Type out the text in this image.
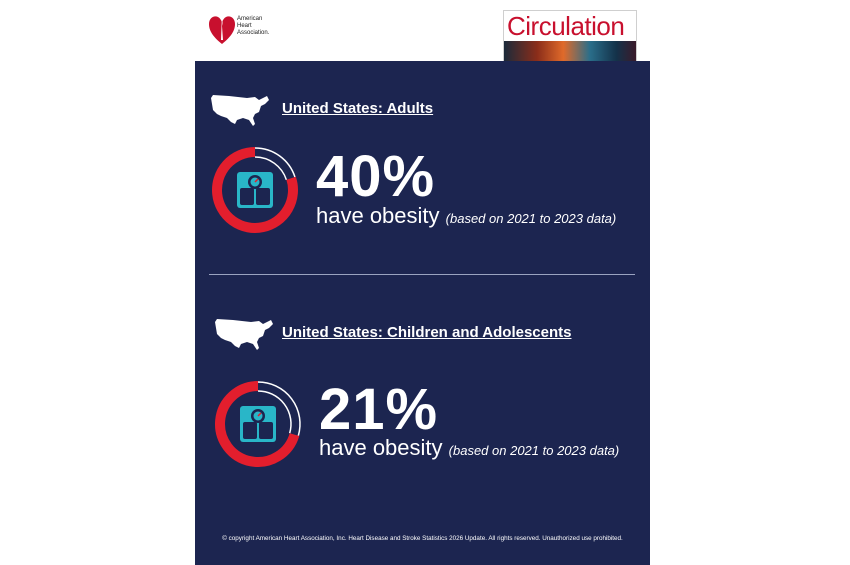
American
Heart
Association.	Circulation
United States: Adults
40%
have obesity (based on 2021 to 2023 data)
United States: Children and Adolescents
21%
have obesity (based on 2021 to 2023 data)
© copyright American Heart Association, Inc. Heart Disease and Stroke Statistics 2026 Update. All rights reserved. Unauthorized use prohibited.
